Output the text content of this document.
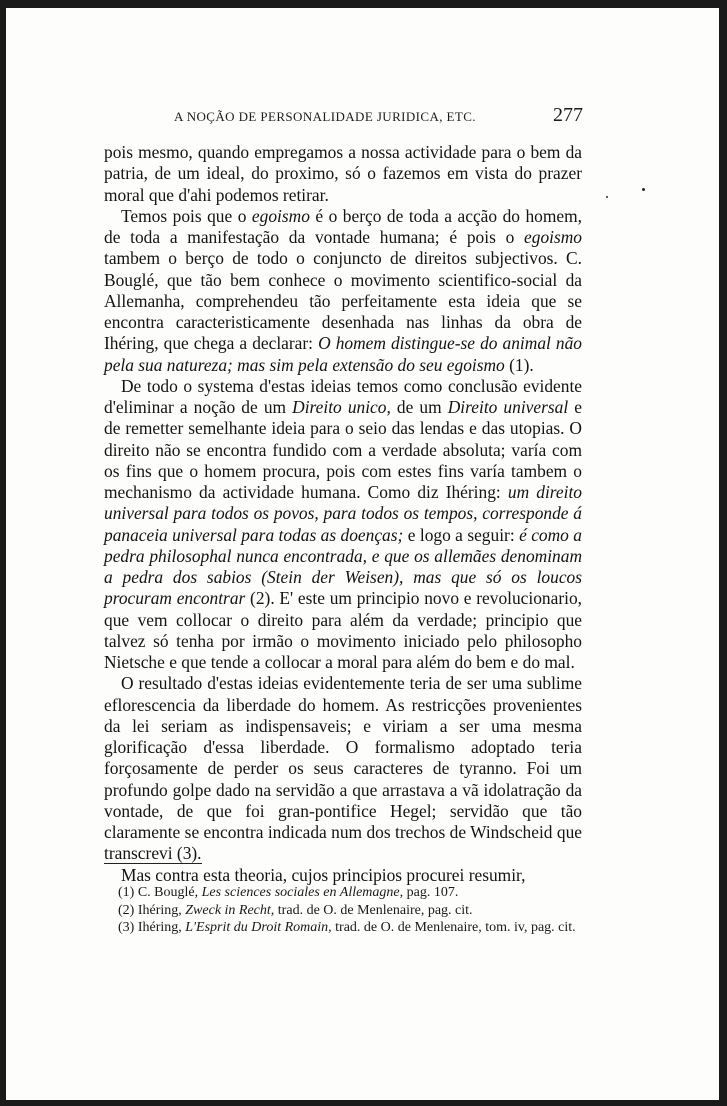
A NOÇÃO DE PERSONALIDADE JURIDICA, ETC.	277

pois mesmo, quando empregamos a nossa actividade para o bem da patria, de um ideal, do proximo, só o fazemos em vista do prazer moral que d'ahi podemos retirar.

Temos pois que o egoismo é o berço de toda a acção do homem, de toda a manifestação da vontade humana; é pois o egoismo tambem o berço de todo o conjuncto de direitos subjectivos. C. Bouglé, que tão bem conhece o movimento scientifico-social da Allemanha, comprehendeu tão perfeitamente esta ideia que se encontra caracteristicamente desenhada nas linhas da obra de Ihéring, que chega a declarar: O homem distingue-se do animal não pela sua natureza; mas sim pela extensão do seu egoismo (1).

De todo o systema d'estas ideias temos como conclusão evidente d'eliminar a noção de um Direito unico, de um Direito universal e de remetter semelhante ideia para o seio das lendas e das utopias. O direito não se encontra fundido com a verdade absoluta; varía com os fins que o homem procura, pois com estes fins varía tambem o mechanismo da actividade humana. Como diz Ihéring: um direito universal para todos os povos, para todos os tempos, corresponde á panaceia universal para todas as doenças; e logo a seguir: é como a pedra philosophal nunca encontrada, e que os allemães denominam a pedra dos sabios (Stein der Weisen), mas que só os loucos procuram encontrar (2). E' este um principio novo e revolucionario, que vem collocar o direito para além da verdade; principio que talvez só tenha por irmão o movimento iniciado pelo philosopho Nietsche e que tende a collocar a moral para além do bem e do mal.

O resultado d'estas ideias evidentemente teria de ser uma sublime eflorescencia da liberdade do homem. As restricções provenientes da lei seriam as indispensaveis; e viriam a ser uma mesma glorificação d'essa liberdade. O formalismo adoptado teria forçosamente de perder os seus caracteres de tyranno. Foi um profundo golpe dado na servidão a que arrastava a vã idolatração da vontade, de que foi gran-pontifice Hegel; servidão que tão claramente se encontra indicada num dos trechos de Windscheid que transcrevi (3).

Mas contra esta theoria, cujos principios procurei resumir,

(1) C. Bouglé, Les sciences sociales en Allemagne, pag. 107.

(2) Ihéring, Zweck in Recht, trad. de O. de Menlenaire, pag. cit.

(3) Ihéring, L'Esprit du Droit Romain, trad. de O. de Menlenaire, tom. iv, pag. cit.
